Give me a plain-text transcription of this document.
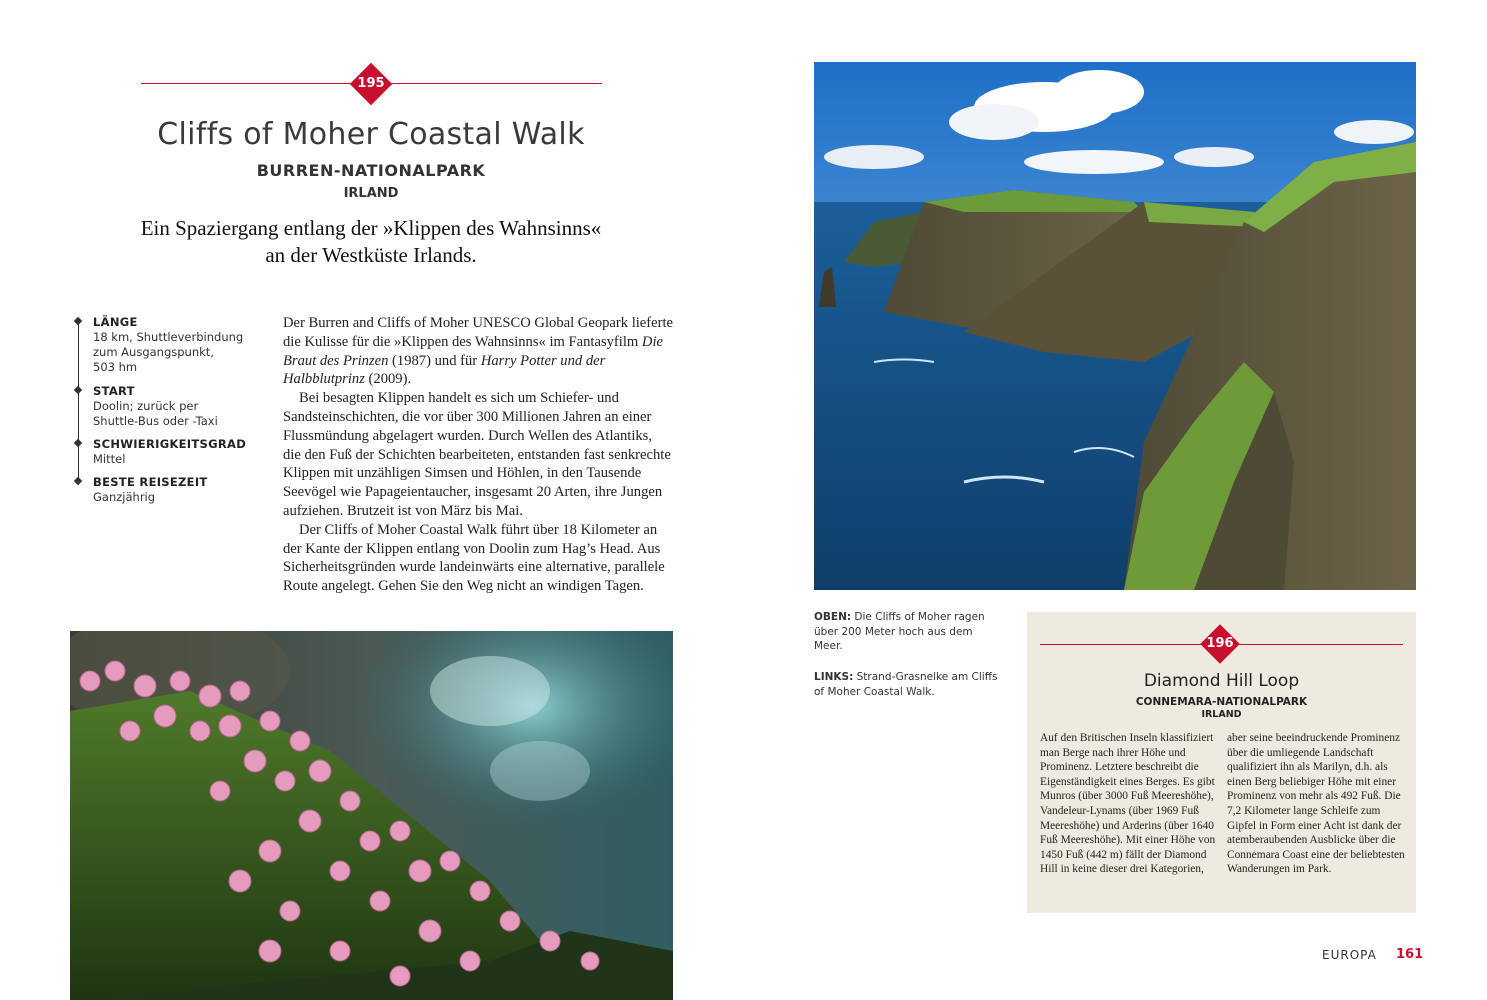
195
Cliffs of Moher Coastal Walk
BURREN-NATIONALPARK
IRLAND
Ein Spaziergang entlang der »Klippen des Wahnsinns«
an der Westküste Irlands.
LÄNGE
18 km, Shuttleverbindung
zum Ausgangspunkt,
503 hm
START
Doolin; zurück per
Shuttle-Bus oder -Taxi
SCHWIERIGKEITSGRAD
Mittel
BESTE REISEZEIT
Ganzjährig

Der Burren and Cliffs of Moher UNESCO Global Geopark lieferte die Kulisse für die »Klippen des Wahnsinns« im Fantasyfilm Die Braut des Prinzen (1987) und für Harry Potter und der Halbblutprinz (2009).

Bei besagten Klippen handelt es sich um Schiefer- und Sandsteinschichten, die vor über 300 Millionen Jahren an einer Flussmündung abgelagert wurden. Durch Wellen des Atlantiks, die den Fuß der Schichten bearbeiteten, entstanden fast senkrechte Klippen mit unzähligen Simsen und Höhlen, in den Tausende Seevögel wie Papageientaucher, insgesamt 20 Arten, ihre Jungen aufziehen. Brutzeit ist von März bis Mai.

Der Cliffs of Moher Coastal Walk führt über 18 Kilometer an der Kante der Klippen entlang von Doolin zum Hag’s Head. Aus Sicherheitsgründen wurde landeinwärts eine alternative, parallele Route angelegt. Gehen Sie den Weg nicht an windigen Tagen.

OBEN: Die Cliffs of Moher ragen über 200 Meter hoch aus dem Meer.
LINKS: Strand-Grasnelke am Cliffs of Moher Coastal Walk.
196
Diamond Hill Loop
CONNEMARA-NATIONALPARK
IRLAND
Auf den Britischen Inseln klassifiziert man Berge nach ihrer Höhe und Prominenz. Letztere beschreibt die Eigenständigkeit eines Berges. Es gibt Munros (über 3000 Fuß Meereshöhe), Vandeleur-Lynams (über 1969 Fuß Meereshöhe) und Arderins (über 1640 Fuß Meereshöhe). Mit einer Höhe von 1450 Fuß (442 m) fällt der Diamond Hill in keine dieser drei Kategorien,
aber seine beeindruckende Prominenz über die umliegende Landschaft qualifiziert ihn als Marilyn, d.h. als einen Berg beliebiger Höhe mit einer Prominenz von mehr als 492 Fuß. Die 7,2 Kilometer lange Schleife zum Gipfel in Form einer Acht ist dank der atemberaubenden Ausblicke über die Connemara Coast eine der beliebtesten Wanderungen im Park.
EUROPA 161
